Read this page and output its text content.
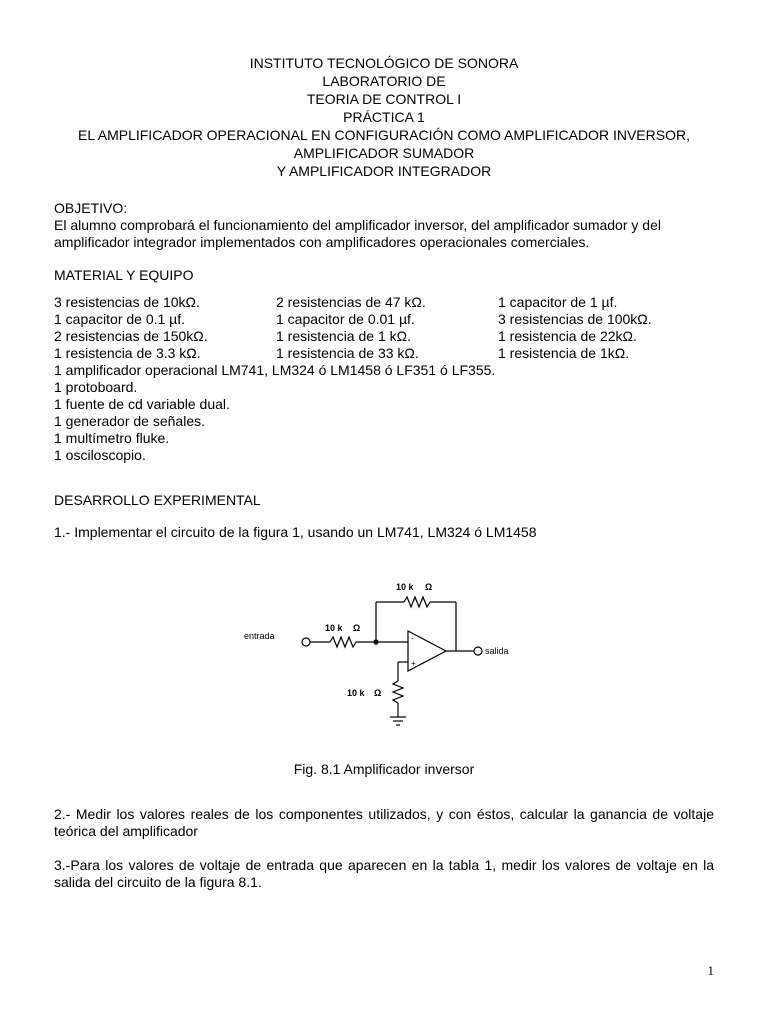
INSTITUTO TECNOLÓGICO DE SONORA
LABORATORIO DE
TEORIA DE CONTROL I
PRÁCTICA 1
EL AMPLIFICADOR OPERACIONAL EN CONFIGURACIÓN COMO AMPLIFICADOR INVERSOR,
AMPLIFICADOR SUMADOR
Y AMPLIFICADOR INTEGRADOR
OBJETIVO:
El alumno comprobará el funcionamiento del amplificador inversor, del amplificador sumador y del amplificador integrador implementados con amplificadores operacionales comerciales.
MATERIAL Y EQUIPO
3 resistencias de 10kΩ.	2 resistencias de 47 kΩ.	1 capacitor de 1 µf.
1 capacitor de 0.1 µf.	1 capacitor de 0.01 µf.	3 resistencias de 100kΩ.
2 resistencias de 150kΩ.	1 resistencia de 1 kΩ.	1 resistencia de 22kΩ.
1 resistencia de 3.3 kΩ.	1 resistencia de 33 kΩ.	1 resistencia de 1kΩ.
1 amplificador operacional LM741, LM324 ó LM1458 ó LF351 ó LF355.
1 protoboard.
1 fuente de cd variable dual.
1 generador de señales.
1 multímetro fluke.
1 osciloscopio.
DESARROLLO EXPERIMENTAL
1.- Implementar el circuito de la figura 1, usando un LM741, LM324 ó LM1458
10 k Ω
10 k Ω
10 k Ω
entrada
salida
-
+
Fig. 8.1 Amplificador inversor
2.- Medir los valores reales de los componentes utilizados, y con éstos, calcular la ganancia de voltaje teórica del amplificador
3.-Para los valores de voltaje de entrada que aparecen en la tabla 1, medir los valores de voltaje en la salida del circuito de la figura 8.1.
1
